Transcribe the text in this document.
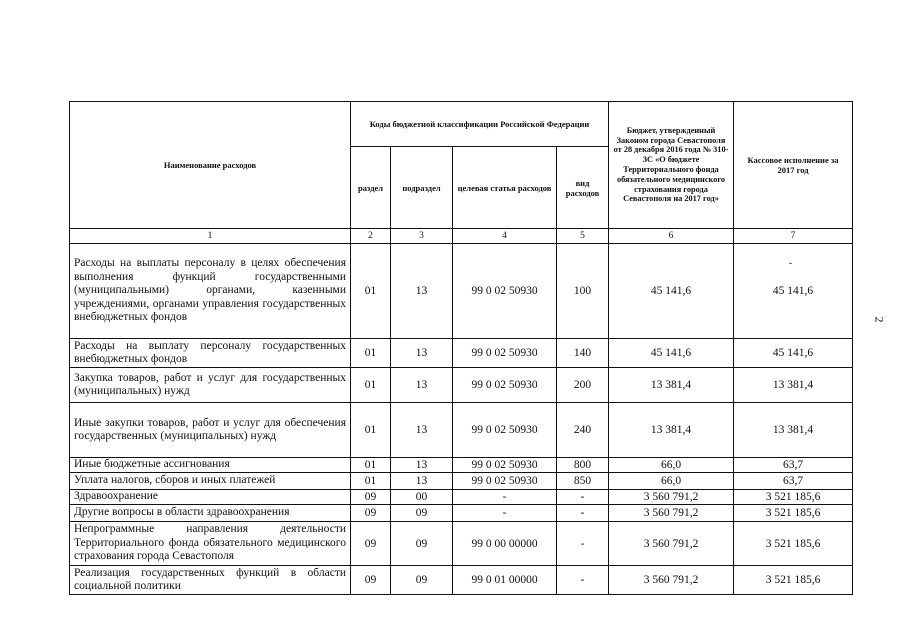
Наименование расходов	Коды бюджетной классификации Российской Федерации				Бюджет, утвержденный Законом города Севастополя от 28 декабря 2016 года № 310-ЗС «О бюджете Территориального фонда обязательного медицинского страхования города Севастополя на 2017 год»	Кассовое исполнение за 2017 год
	раздел	подраздел	целевая статья расходов	вид расходов		
1	2	3	4	5	6	7
Расходы на выплаты персоналу в целях обеспечения выполнения функций государственными (муниципальными) органами, казенными учреждениями, органами управления государственных внебюджетных фондов	01	13	99 0 02 50930	100	45 141,6	45 141,6
Расходы на выплату персоналу государственных внебюджетных фондов	01	13	99 0 02 50930	140	45 141,6	45 141,6
Закупка товаров, работ и услуг для государственных (муниципальных) нужд	01	13	99 0 02 50930	200	13 381,4	13 381,4
Иные закупки товаров, работ и услуг для обеспечения государственных (муниципальных) нужд	01	13	99 0 02 50930	240	13 381,4	13 381,4
Иные бюджетные ассигнования	01	13	99 0 02 50930	800	66,0	63,7
Уплата налогов, сборов и иных платежей	01	13	99 0 02 50930	850	66,0	63,7
Здравоохранение	09	00	-	-	3 560 791,2	3 521 185,6
Другие вопросы в области здравоохранения	09	09	-	-	3 560 791,2	3 521 185,6
Непрограммные направления деятельности Территориального фонда обязательного медицинского страхования города Севастополя	09	09	99 0 00 00000	-	3 560 791,2	3 521 185,6
Реализация государственных функций в области социальной политики	09	09	99 0 01 00000	-	3 560 791,2	3 521 185,6
2
